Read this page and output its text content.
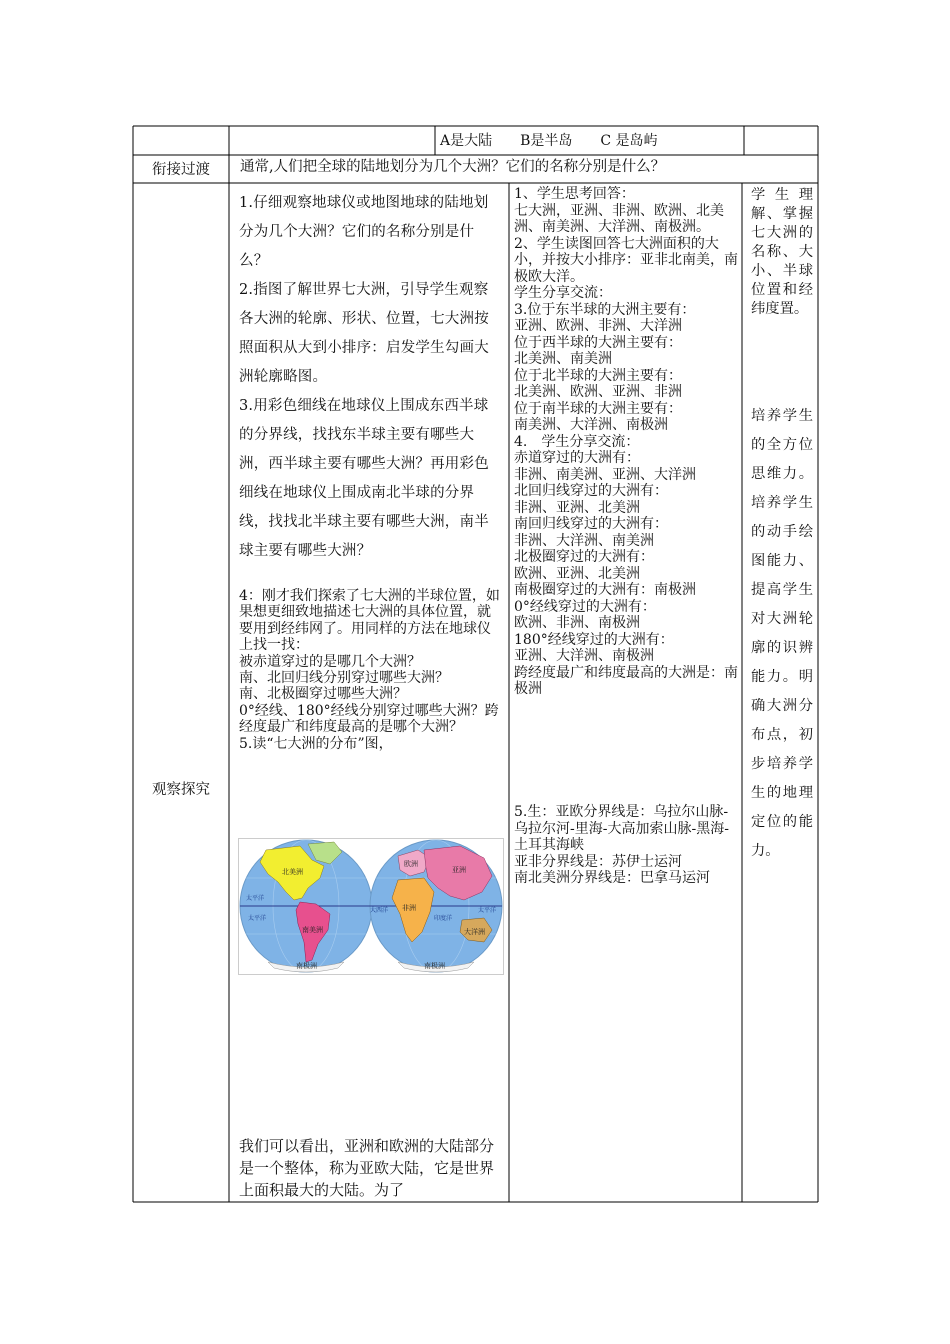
A是大陆　　B是半岛　　C 是岛屿
衔接过渡	通常,人们把全球的陆地划分为几个大洲？它们的名称分别是什么？
观察探究
1.仔细观察地球仪或地图地球的陆地划分为几个大洲？它们的名称分别是什么？
2.指图了解世界七大洲，引导学生观察各大洲的轮廓、形状、位置，七大洲按照面积从大到小排序：启发学生勾画大洲轮廓略图。
3.用彩色细线在地球仪上围成东西半球的分界线，找找东半球主要有哪些大洲，西半球主要有哪些大洲？再用彩色细线在地球仪上围成南北半球的分界线，找找北半球主要有哪些大洲，南半球主要有哪些大洲？
4：刚才我们探索了七大洲的半球位置，如果想更细致地描述七大洲的具体位置，就要用到经纬网了。用同样的方法在地球仪上找一找：
被赤道穿过的是哪几个大洲？
南、北回归线分别穿过哪些大洲？
南、北极圈穿过哪些大洲？
0°经线、180°经线分别穿过哪些大洲？跨经度最广和纬度最高的是哪个大洲？
5.读“七大洲的分布”图，
北美洲
南美洲
欧洲
亚洲
非洲
大洋洲
南极洲	南极洲
太平洋
太平洋
大西洋
印度洋
太平洋
我们可以看出，亚洲和欧洲的大陆部分是一个整体，称为亚欧大陆，它是世界上面积最大的大陆。为了
1、学生思考回答：
七大洲，亚洲、非洲、欧洲、北美洲、南美洲、大洋洲、南极洲。
2、学生读图回答七大洲面积的大小，并按大小排序：亚非北南美，南极欧大洋。
学生分享交流：
3.位于东半球的大洲主要有：
亚洲、欧洲、非洲、大洋洲
位于西半球的大洲主要有：
北美洲、南美洲
位于北半球的大洲主要有：
北美洲、欧洲、亚洲、非洲
位于南半球的大洲主要有：
南美洲、大洋洲、南极洲
4.　学生分享交流：
赤道穿过的大洲有：
非洲、南美洲、亚洲、大洋洲
北回归线穿过的大洲有：
非洲、亚洲、北美洲
南回归线穿过的大洲有：
非洲、大洋洲、南美洲
北极圈穿过的大洲有：
欧洲、亚洲、北美洲
南极圈穿过的大洲有：南极洲
0°经线穿过的大洲有：
欧洲、非洲、南极洲
180°经线穿过的大洲有：
亚洲、大洋洲、南极洲
跨经度最广和纬度最高的大洲是：南极洲
5.生：亚欧分界线是：乌拉尔山脉-乌拉尔河-里海-大高加索山脉-黑海-土耳其海峡
亚非分界线是：苏伊士运河
南北美洲分界线是：巴拿马运河
学生理解、掌握七大洲的名称、大小、半球位置和经纬度置。
培养学生的全方位思维力。培养学生的动手绘图能力、提高学生对大洲轮廓的识辨能力。明确大洲分布点，初步培养学生的地理定位的能力。
